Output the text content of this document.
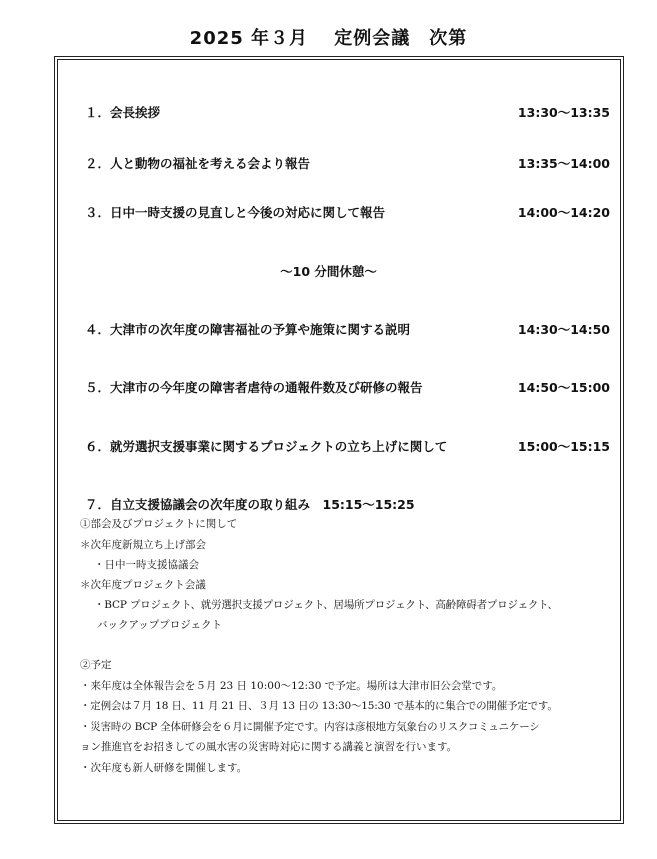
2025 年３月　 定例会議　次第
１．会長挨拶	13:30～13:35
２．人と動物の福祉を考える会より報告	13:35～14:00
３．日中一時支援の見直しと今後の対応に関して報告	14:00～14:20
～10 分間休憩～
４．大津市の次年度の障害福祉の予算や施策に関する説明	14:30～14:50
５．大津市の今年度の障害者虐待の通報件数及び研修の報告	14:50～15:00
６．就労選択支援事業に関するプロジェクトの立ち上げに関して	15:00～15:15
７．自立支援協議会の次年度の取り組み　15:15～15:25
①部会及びプロジェクトに関して
＊次年度新規立ち上げ部会
・日中一時支援協議会
＊次年度プロジェクト会議
・BCP プロジェクト、就労選択支援プロジェクト、居場所プロジェクト、高齢障碍者プロジェクト、
バックアッププロジェクト
②予定
・来年度は全体報告会を５月 23 日 10:00～12:30 で予定。場所は大津市旧公会堂です。
・定例会は７月 18 日、11 月 21 日、３月 13 日の 13:30～15:30 で基本的に集合での開催予定です。
・災害時の BCP 全体研修会を６月に開催予定です。内容は彦根地方気象台のリスクコミュニケーシ
ョン推進官をお招きしての風水害の災害時対応に関する講義と演習を行います。
・次年度も新人研修を開催します。
